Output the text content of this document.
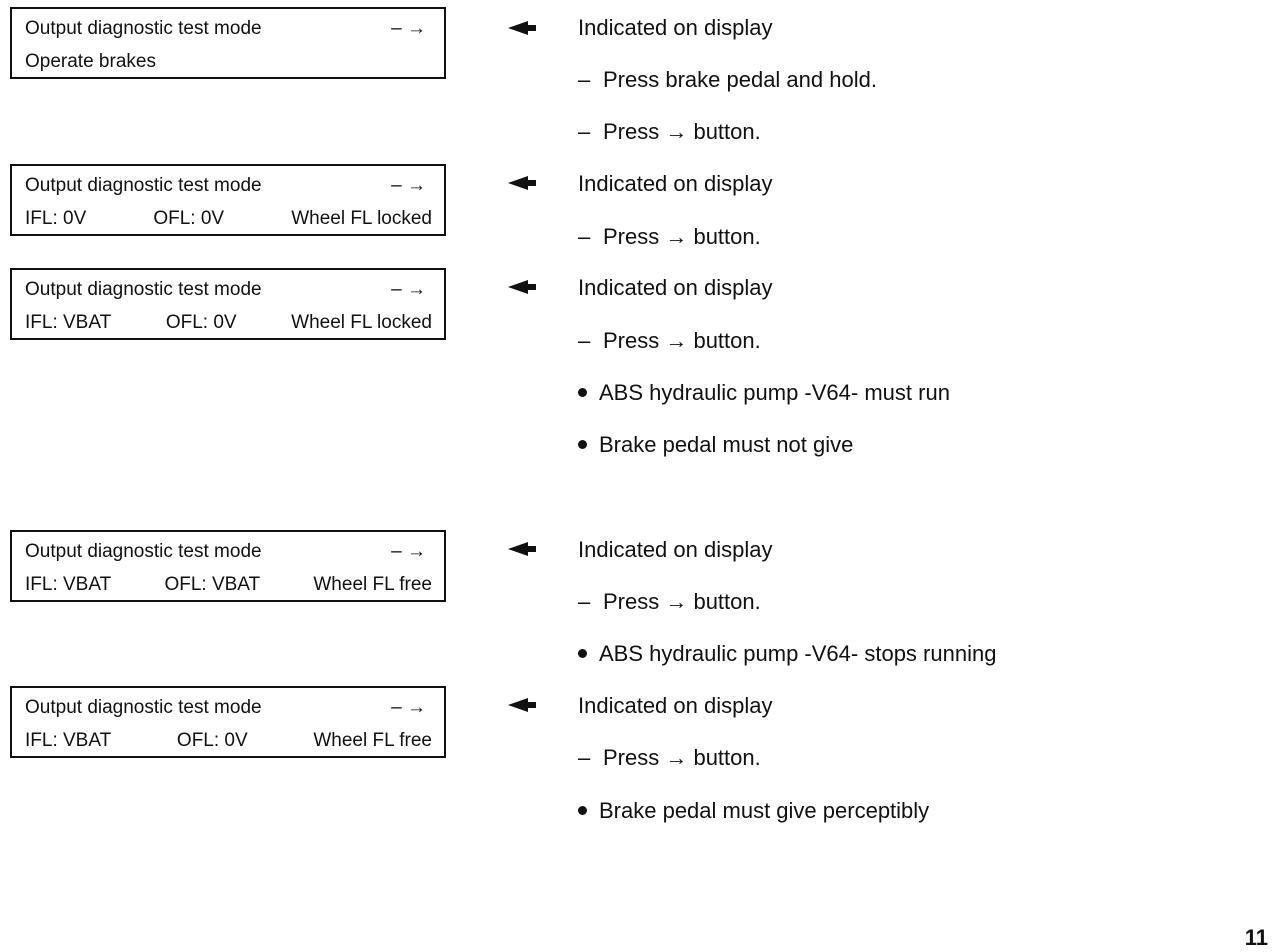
Output diagnostic test mode	– →
Operate brakes
Output diagnostic test mode	– →
IFL: 0V	OFL: 0V	Wheel FL locked
Output diagnostic test mode	– →
IFL: VBAT	OFL: 0V	Wheel FL locked
Output diagnostic test mode	– →
IFL: VBAT	OFL: VBAT	Wheel FL free
Output diagnostic test mode	– →
IFL: VBAT	OFL: 0V	Wheel FL free
Indicated on display
– Press brake pedal and hold.
– Press → button.
Indicated on display
– Press → button.
Indicated on display
– Press → button.
ABS hydraulic pump -V64- must run
Brake pedal must not give
Indicated on display
– Press → button.
ABS hydraulic pump -V64- stops running
Indicated on display
– Press → button.
Brake pedal must give perceptibly
11
